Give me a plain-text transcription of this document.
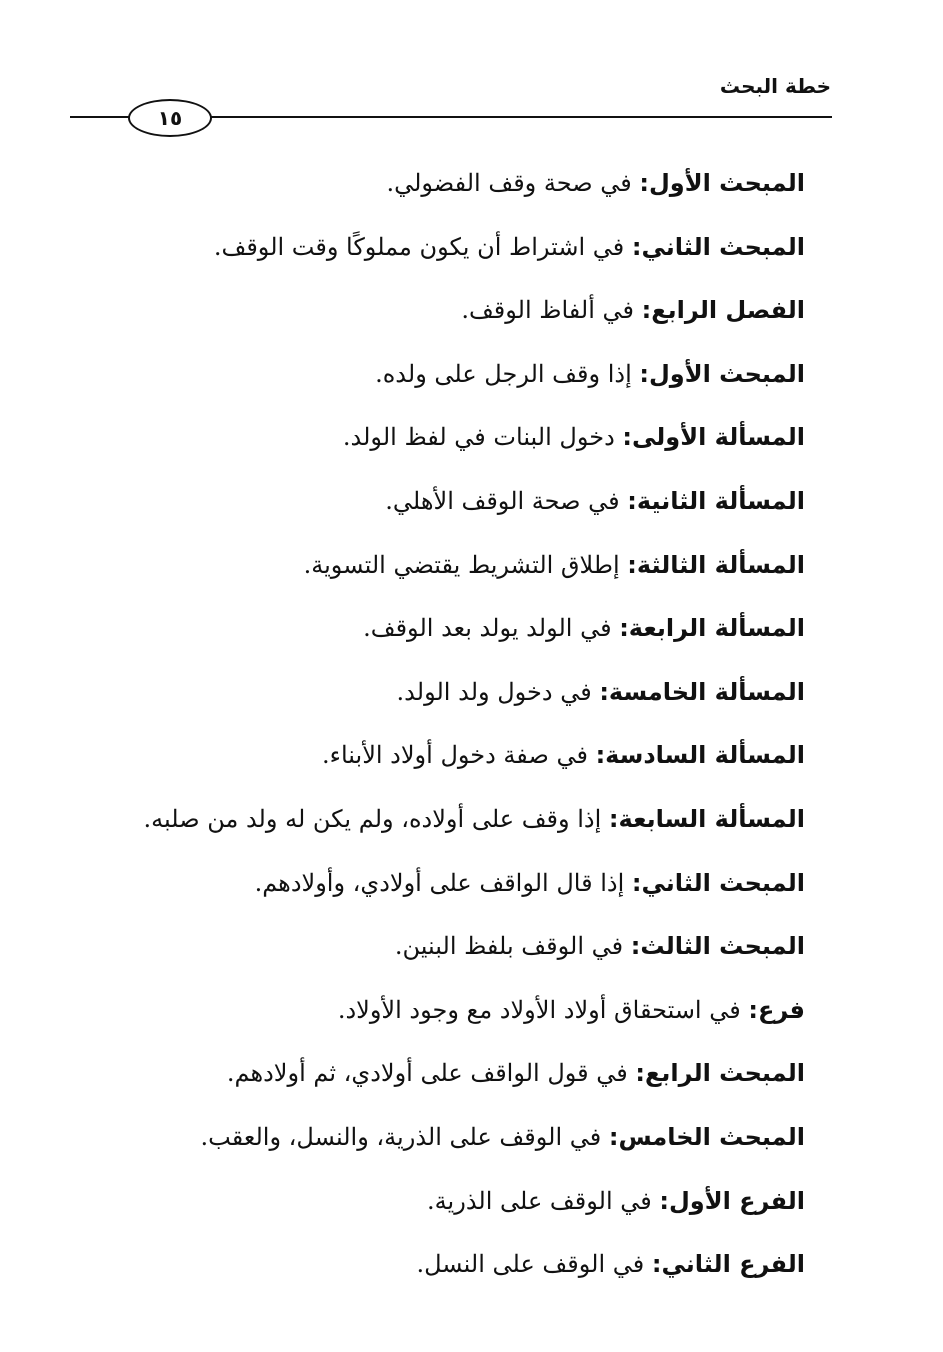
خطة البحث
١٥
المبحث الأول: في صحة وقف الفضولي.
المبحث الثاني: في اشتراط أن يكون مملوكًا وقت الوقف.
الفصل الرابع: في ألفاظ الوقف.
المبحث الأول: إذا وقف الرجل على ولده.
المسألة الأولى: دخول البنات في لفظ الولد.
المسألة الثانية: في صحة الوقف الأهلي.
المسألة الثالثة: إطلاق التشريط يقتضي التسوية.
المسألة الرابعة: في الولد يولد بعد الوقف.
المسألة الخامسة: في دخول ولد الولد.
المسألة السادسة: في صفة دخول أولاد الأبناء.
المسألة السابعة: إذا وقف على أولاده، ولم يكن له ولد من صلبه.
المبحث الثاني: إذا قال الواقف على أولادي، وأولادهم.
المبحث الثالث: في الوقف بلفظ البنين.
فرع: في استحقاق أولاد الأولاد مع وجود الأولاد.
المبحث الرابع: في قول الواقف على أولادي، ثم أولادهم.
المبحث الخامس: في الوقف على الذرية، والنسل، والعقب.
الفرع الأول: في الوقف على الذرية.
الفرع الثاني: في الوقف على النسل.
